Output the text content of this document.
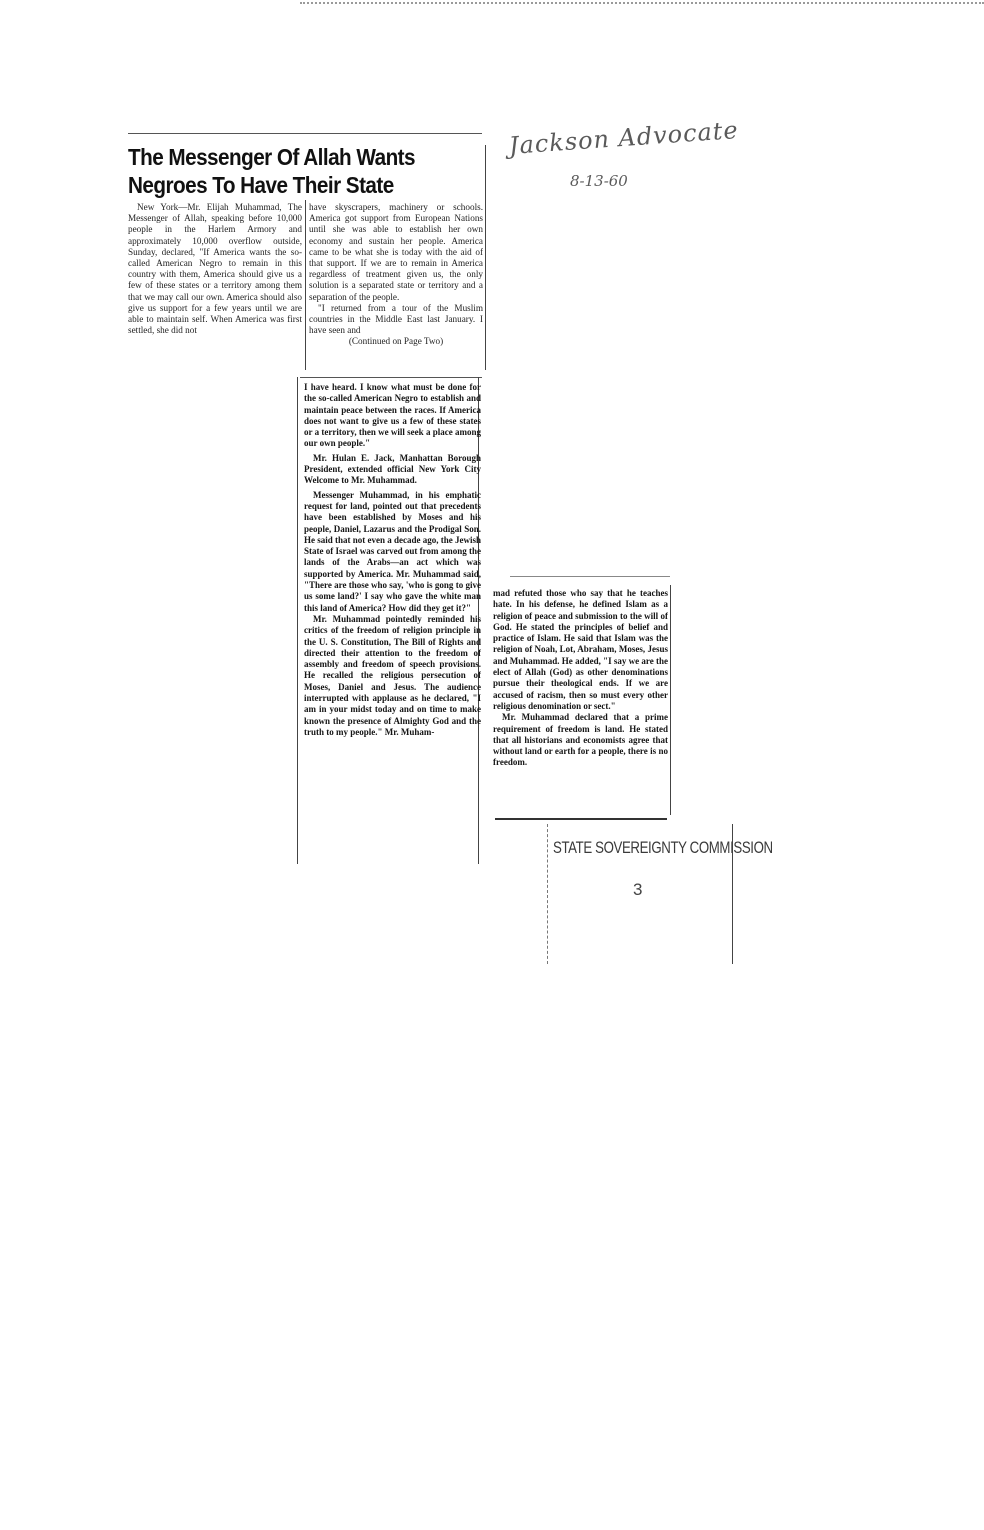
Jackson Advocate
8-13-60
The Messenger Of Allah Wants
Negroes To Have Their State

New York—Mr. Elijah Muhammad, The Messenger of Allah, speaking before 10,000 people in the Harlem Armory and approximately 10,000 overflow outside, Sunday, declared, "If America wants the so-called American Negro to remain in this country with them, America should give us a few of these states or a territory among them that we may call our own. America should also give us support for a few years until we are able to maintain self. When America was first settled, she did not

have skyscrapers, machinery or schools. America got support from European Nations until she was able to establish her own economy and sustain her people. America came to be what she is today with the aid of that support. If we are to remain in America regardless of treatment given us, the only solution is a separated state or territory and a separation of the people.

"I returned from a tour of the Muslim countries in the Middle East last January. I have seen and

(Continued on Page Two)

I have heard. I know what must be done for the so-called American Negro to establish and maintain peace between the races. If America does not want to give us a few of these states or a territory, then we will seek a place among our own people."

Mr. Hulan E. Jack, Manhattan Borough President, extended official New York City Welcome to Mr. Muhammad.

Messenger Muhammad, in his emphatic request for land, pointed out that precedents have been established by Moses and his people, Daniel, Lazarus and the Prodigal Son. He said that not even a decade ago, the Jewish State of Israel was carved out from among the lands of the Arabs—an act which was supported by America. Mr. Muhammad said, "There are those who say, 'who is gong to give us some land?' I say who gave the white man this land of America? How did they get it?"

Mr. Muhammad pointedly reminded his critics of the freedom of religion principle in the U. S. Constitution, The Bill of Rights and directed their attention to the freedom of assembly and freedom of speech provisions. He recalled the religious persecution of Moses, Daniel and Jesus. The audience interrupted with applause as he declared, "I am in your midst today and on time to make known the presence of Almighty God and the truth to my people." Mr. Muham-

mad refuted those who say that he teaches hate. In his defense, he defined Islam as a religion of peace and submission to the will of God. He stated the principles of belief and practice of Islam. He said that Islam was the religion of Noah, Lot, Abraham, Moses, Jesus and Muhammad. He added, "I say we are the elect of Allah (God) as other denominations pursue their theological ends. If we are accused of racism, then so must every other religious denomination or sect."

Mr. Muhammad declared that a prime requirement of freedom is land. He stated that all historians and economists agree that without land or earth for a people, there is no freedom.

STATE SOVEREIGNTY COMMISSION
3
